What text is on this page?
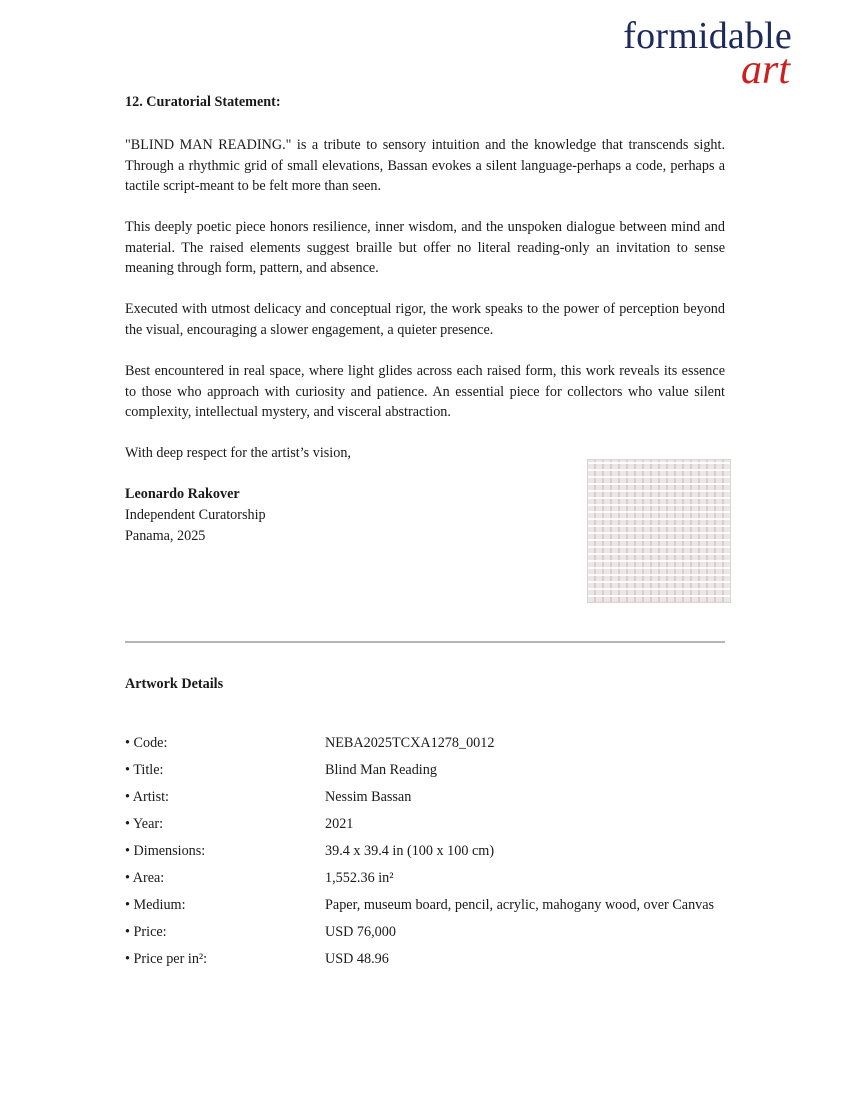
formidable
art
12. Curatorial Statement:

"BLIND MAN READING." is a tribute to sensory intuition and the knowledge that transcends sight. Through a rhythmic grid of small elevations, Bassan evokes a silent language-perhaps a code, perhaps a tactile script-meant to be felt more than seen.

This deeply poetic piece honors resilience, inner wisdom, and the unspoken dialogue between mind and material. The raised elements suggest braille but offer no literal reading-only an invitation to sense meaning through form, pattern, and absence.

Executed with utmost delicacy and conceptual rigor, the work speaks to the power of perception beyond the visual, encouraging a slower engagement, a quieter presence.

Best encountered in real space, where light glides across each raised form, this work reveals its essence to those who approach with curiosity and patience. An essential piece for collectors who value silent complexity, intellectual mystery, and visceral abstraction.

With deep respect for the artist’s vision,
Leonardo Rakover
Independent Curatorship
Panama, 2025
Artwork Details
• Code:	NEBA2025TCXA1278_0012
• Title:	Blind Man Reading
• Artist:	Nessim Bassan
• Year:	2021
• Dimensions:	39.4 x 39.4 in (100 x 100 cm)
• Area:	1,552.36 in²
• Medium:	Paper, museum board, pencil, acrylic, mahogany wood, over Canvas
• Price:	USD 76,000
• Price per in²:	USD 48.96
